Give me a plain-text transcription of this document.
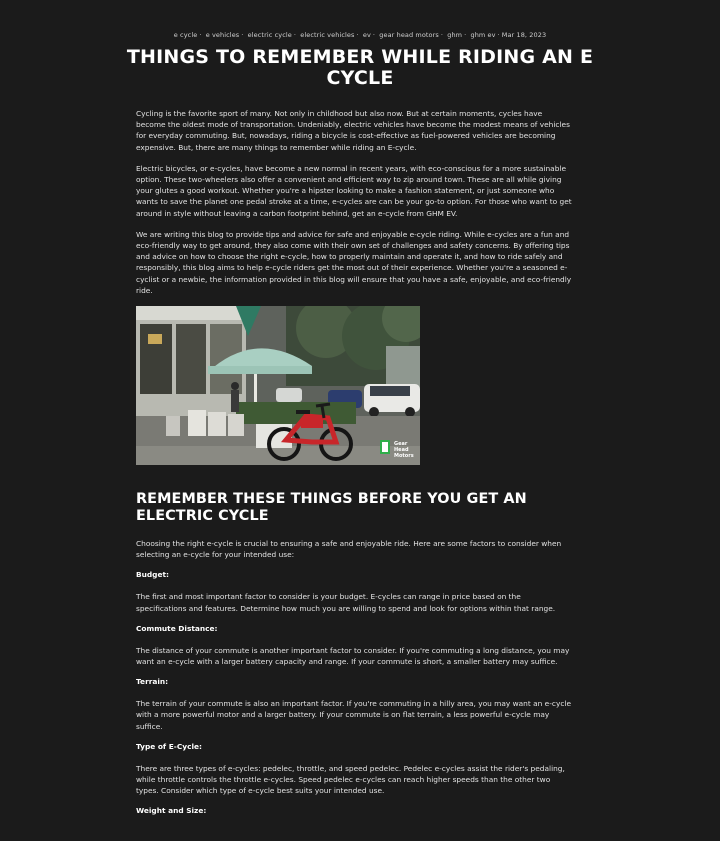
e cycle · e vehicles · electric cycle · electric vehicles · ev · gear head motors · ghm · ghm ev · Mar 18, 2023
THINGS TO REMEMBER WHILE RIDING AN E CYCLE

Cycling is the favorite sport of many. Not only in childhood but also now. But at certain moments, cycles have become the oldest mode of transportation. Undeniably, electric vehicles have become the modest means of vehicles for everyday commuting. But, nowadays, riding a bicycle is cost-effective as fuel-powered vehicles are becoming expensive. But, there are many things to remember while riding an E-cycle.

Electric bicycles, or e-cycles, have become a new normal in recent years, with eco-conscious for a more sustainable option. These two-wheelers also offer a convenient and efficient way to zip around town. These are all while giving your glutes a good workout. Whether you're a hipster looking to make a fashion statement, or just someone who wants to save the planet one pedal stroke at a time, e-cycles are can be your go-to option. For those who want to get around in style without leaving a carbon footprint behind, get an e-cycle from GHM EV.

We are writing this blog to provide tips and advice for safe and enjoyable e-cycle riding. While e-cycles are a fun and eco-friendly way to get around, they also come with their own set of challenges and safety concerns. By offering tips and advice on how to choose the right e-cycle, how to properly maintain and operate it, and how to ride safely and responsibly, this blog aims to help e-cycle riders get the most out of their experience. Whether you're a seasoned e-cyclist or a newbie, the information provided in this blog will ensure that you have a safe, enjoyable, and eco-friendly ride.

Gear
Head
Motors
REMEMBER THESE THINGS BEFORE YOU GET AN ELECTRIC CYCLE

Choosing the right e-cycle is crucial to ensuring a safe and enjoyable ride. Here are some factors to consider when selecting an e-cycle for your intended use:

Budget:

The first and most important factor to consider is your budget. E-cycles can range in price based on the specifications and features. Determine how much you are willing to spend and look for options within that range.

Commute Distance:

The distance of your commute is another important factor to consider. If you're commuting a long distance, you may want an e-cycle with a larger battery capacity and range. If your commute is short, a smaller battery may suffice.

Terrain:

The terrain of your commute is also an important factor. If you're commuting in a hilly area, you may want an e-cycle with a more powerful motor and a larger battery. If your commute is on flat terrain, a less powerful e-cycle may suffice.

Type of E-Cycle:

There are three types of e-cycles: pedelec, throttle, and speed pedelec. Pedelec e-cycles assist the rider's pedaling, while throttle controls the throttle e-cycles. Speed pedelec e-cycles can reach higher speeds than the other two types. Consider which type of e-cycle best suits your intended use.

Weight and Size:
